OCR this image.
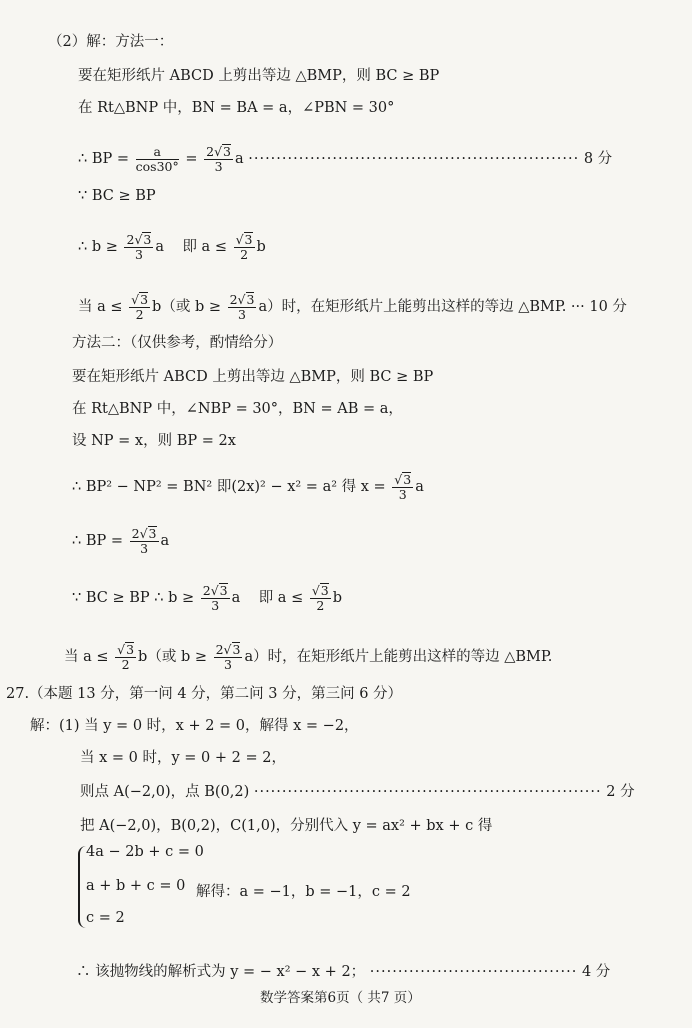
（2）解：方法一：
要在矩形纸片 ABCD 上剪出等边 △BMP，则 BC ≥ BP
在 Rt△BNP 中，BN = BA = a，∠PBN = 30°
∴ BP = $\frac{a}{\cos 30^\circ} = \frac{2√3}{3}$ a ··························································· 8 分
∵ BC ≥ BP
∴ $b \ge \frac{2√3}{3}$ a 即 $a \le \frac{√3}{2}$ b
当 $a \le \frac{√3}{2} b$（或 $b \ge \frac{2√3}{3} a$）时，在矩形纸片上能剪出这样的等边 △BMP. ··· 10 分
方法二：（仅供参考，酌情给分）
要在矩形纸片 ABCD 上剪出等边 △BMP，则 BC ≥ BP
在 Rt△BNP 中，∠NBP = 30°，BN = AB = a，
设 NP = x，则 BP = 2x
∴ BP² − NP² = BN² 即(2x)² − x² = a² 得 $x = \frac{√3}{3}$ a
∴ BP = $\frac{2√3}{3}$ a
∵ BC ≥ BP ∴ $b \ge \frac{2√3}{3}$ a 即 $a \le \frac{√3}{2}$ b
当 $a \le \frac{√3}{2} b$（或 $b \ge \frac{2√3}{3} a$）时，在矩形纸片上能剪出这样的等边 △BMP.
27.（本题 13 分，第一问 4 分，第二问 3 分，第三问 6 分）
解：(1) 当 y = 0 时，x + 2 = 0，解得 x = −2，
当 x = 0 时，y = 0 + 2 = 2，
则点 A(−2,0)，点 B(0,2) ······························································ 2 分
把 A(−2,0)，B(0,2)，C(1,0)，分别代入 y = ax² + bx + c 得
4a − 2b + c = 0
a + b + c = 0 解得：a = −1，b = −1，c = 2
c = 2
∴ 该抛物线的解析式为 y = − x² − x + 2； ····································· 4 分
数学答案第6页（ 共7 页）
